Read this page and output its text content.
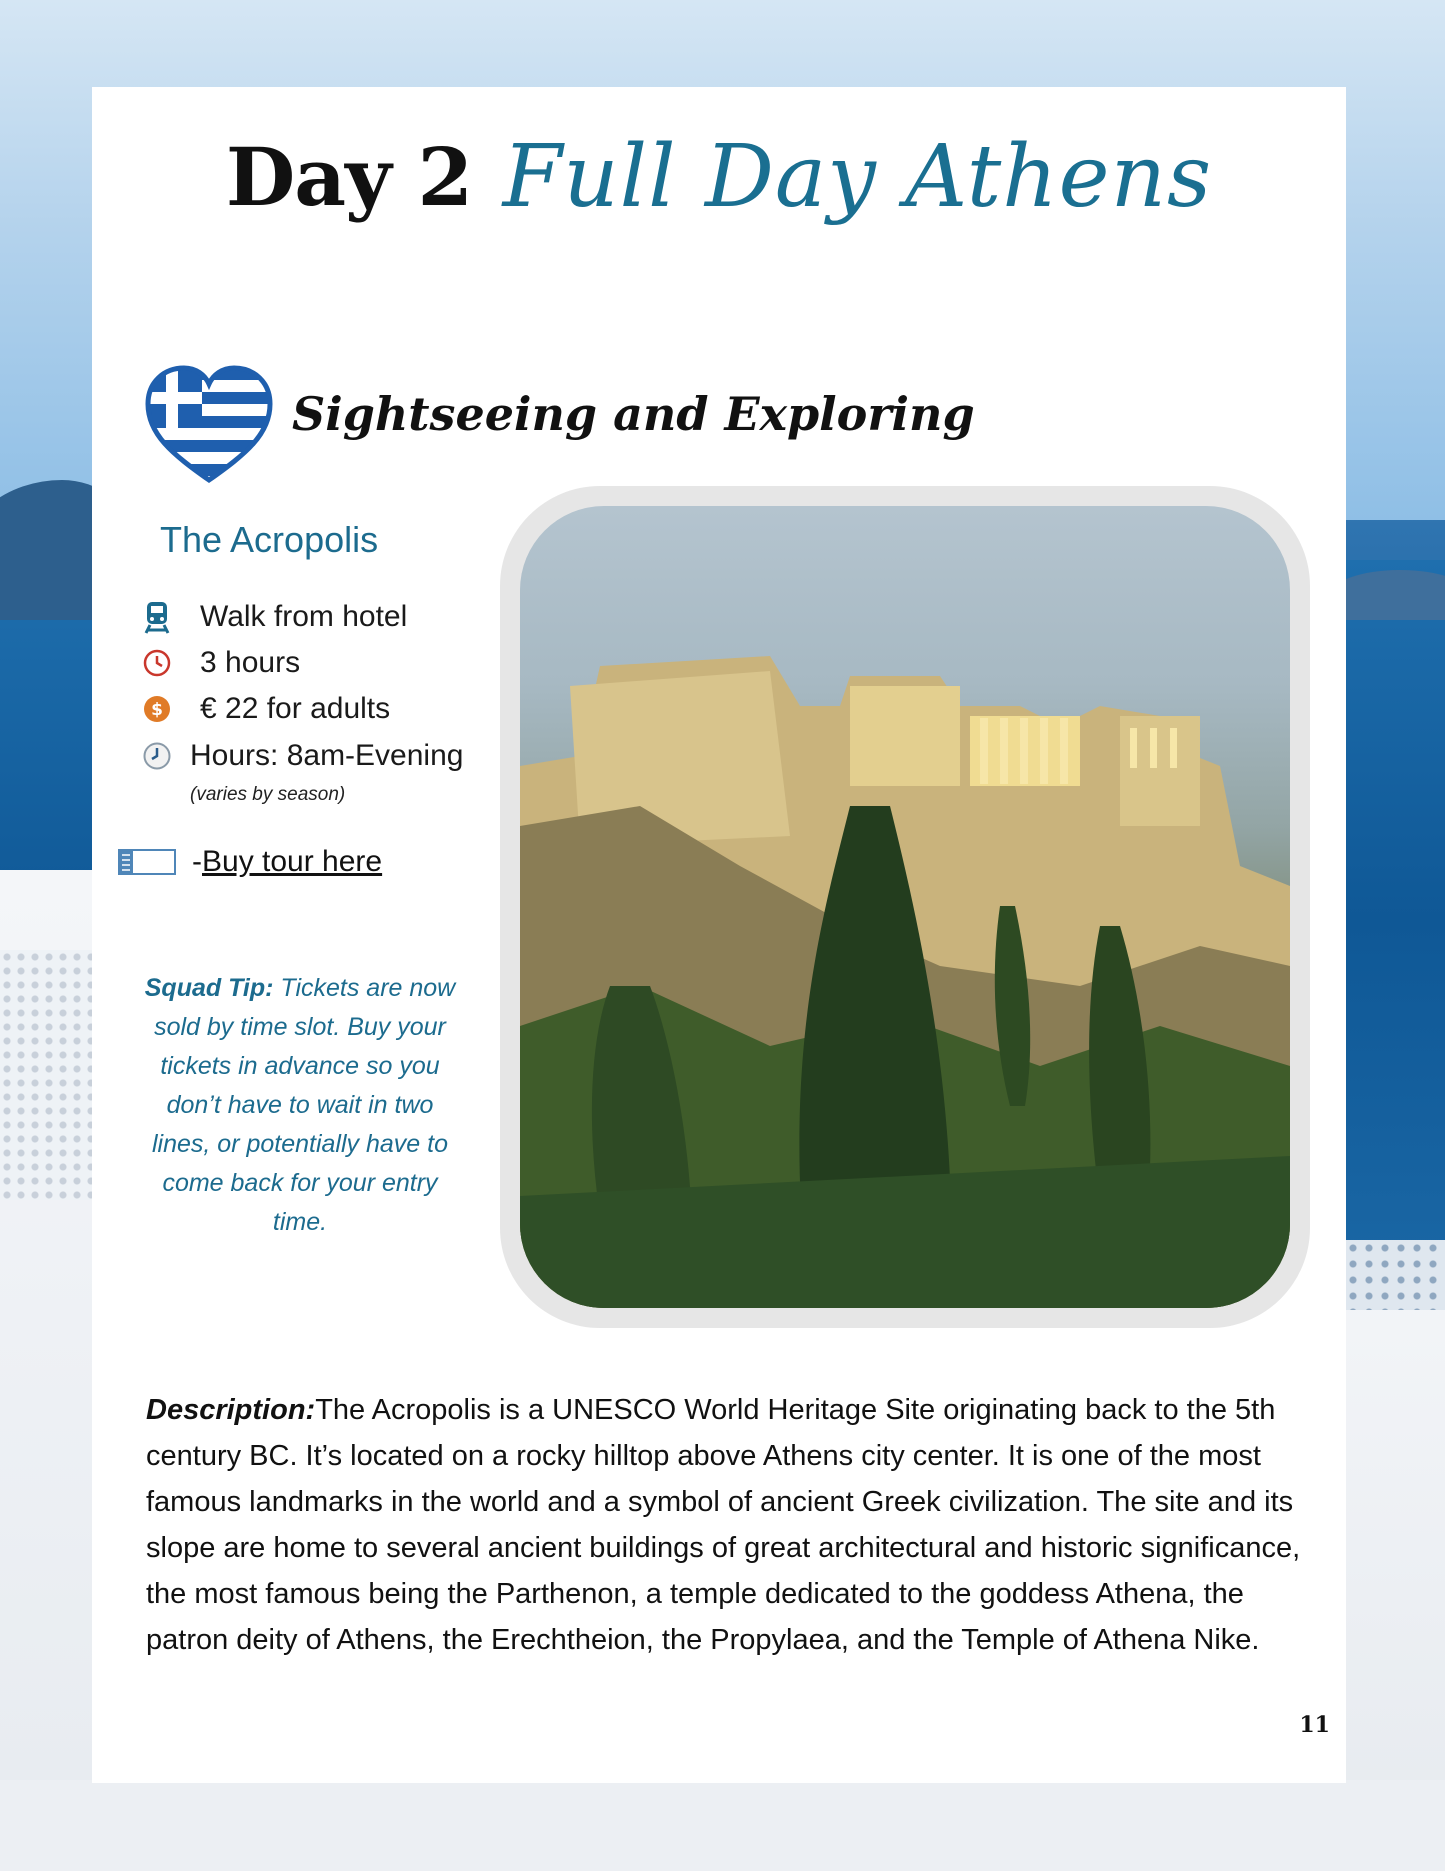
Day 2 Full Day Athens
Sightseeing and Exploring
The Acropolis
Walk from hotel
3 hours
$ € 22 for adults
Hours: 8am-Evening
(varies by season)
- Buy tour here
Squad Tip: Tickets are now sold by time slot. Buy your tickets in advance so you don’t have to wait in two lines, or potentially have to come back for your entry time.
Description:The Acropolis is a UNESCO World Heritage Site originating back to the 5th century BC. It’s located on a rocky hilltop above Athens city center. It is one of the most famous landmarks in the world and a symbol of ancient Greek civilization. The site and its slope are home to several ancient buildings of great architectural and historic significance, the most famous being the Parthenon, a temple dedicated to the goddess Athena, the patron deity of Athens, the Erechtheion, the Propylaea, and the Temple of Athena Nike.
11
